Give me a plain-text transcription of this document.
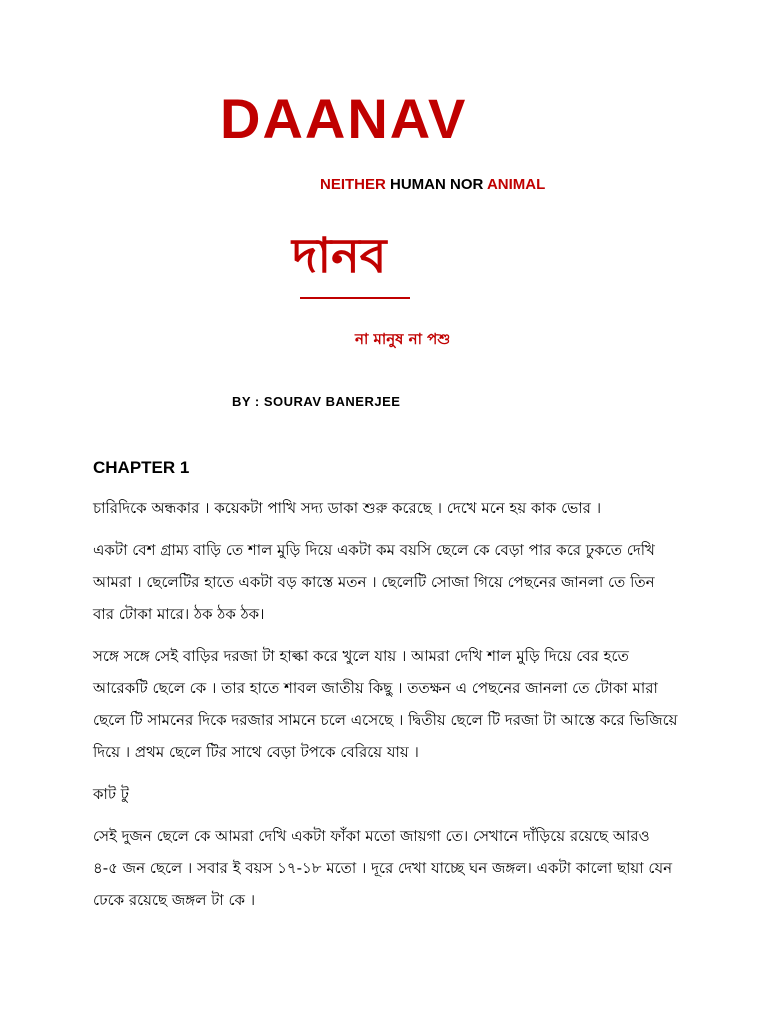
DAANAV
NEITHER HUMAN NOR ANIMAL
দানব
না মানুষ না পশু
BY : SOURAV BANERJEE
CHAPTER 1

চারিদিকে অন্ধকার । কয়েকটা পাখি সদ্য ডাকা শুরু করেছে । দেখে মনে হয় কাক ভোর ।

একটা বেশ গ্রাম্য বাড়ি তে শাল মুড়ি দিয়ে একটা কম বয়সি ছেলে কে বেড়া পার করে ঢুকতে দেখি আমরা । ছেলেটির হাতে একটা বড় কাস্তে মতন । ছেলেটি সোজা গিয়ে পেছনের জানলা তে তিন বার টোকা মারে। ঠক ঠক ঠক।

সঙ্গে সঙ্গে সেই বাড়ির দরজা টা হাল্কা করে খুলে যায় । আমরা দেখি শাল মুড়ি দিয়ে বের হতে আরেকটি ছেলে কে । তার হাতে শাবল জাতীয় কিছু । ততক্ষন এ পেছনের জানলা তে টোকা মারা ছেলে টি সামনের দিকে দরজার সামনে চলে এসেছে । দ্বিতীয় ছেলে টি দরজা টা আস্তে করে ভিজিয়ে দিয়ে । প্রথম ছেলে টির সাথে বেড়া টপকে বেরিয়ে যায় ।

কাট টু

সেই দুজন ছেলে কে আমরা দেখি একটা ফাঁকা মতো জায়গা তে। সেখানে দাঁড়িয়ে রয়েছে আরও ৪-৫ জন ছেলে । সবার ই বয়স ১৭-১৮ মতো । দূরে দেখা যাচ্ছে ঘন জঙ্গল। একটা কালো ছায়া যেন ঢেকে রয়েছে জঙ্গল টা কে ।
